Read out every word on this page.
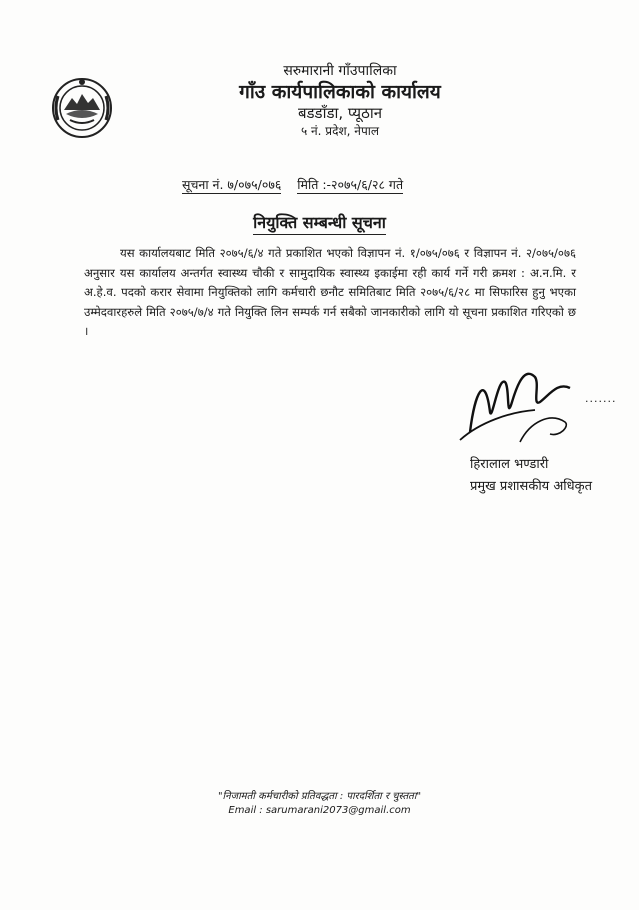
सरुमारानी गाँउपालिका
गाँउ कार्यपालिकाको कार्यालय
बडडाँडा, प्यूठान
५ नं. प्रदेश, नेपाल
सूचना नं. ७/०७५/०७६ मिति :-२०७५/६/२८ गते
नियुक्ति सम्बन्धी सूचना

यस कार्यालयबाट मिति २०७५/६/४ गते प्रकाशित भएको विज्ञापन नं. १/०७५/०७६ र विज्ञापन नं. २/०७५/०७६ अनुसार यस कार्यालय अन्तर्गत स्वास्थ्य चौकी र सामुदायिक स्वास्थ्य इकाईमा रही कार्य गर्ने गरी क्रमश : अ.न.मि. र अ.हे.व. पदको करार सेवामा नियुक्तिको लागि कर्मचारी छनौट समितिबाट मिति २०७५/६/२८ मा सिफारिस हुनु भएका उम्मेदवारहरुले मिति २०७५/७/४ गते नियुक्ति लिन सम्पर्क गर्न सबैको जानकारीको लागि यो सूचना प्रकाशित गरिएको छ ।

.......
हिरालाल भण्डारी
प्रमुख प्रशासकीय अधिकृत
"निजामती कर्मचारीको प्रतिवद्धता : पारदर्शिता र चुस्तता"
Email : sarumarani2073@gmail.com
